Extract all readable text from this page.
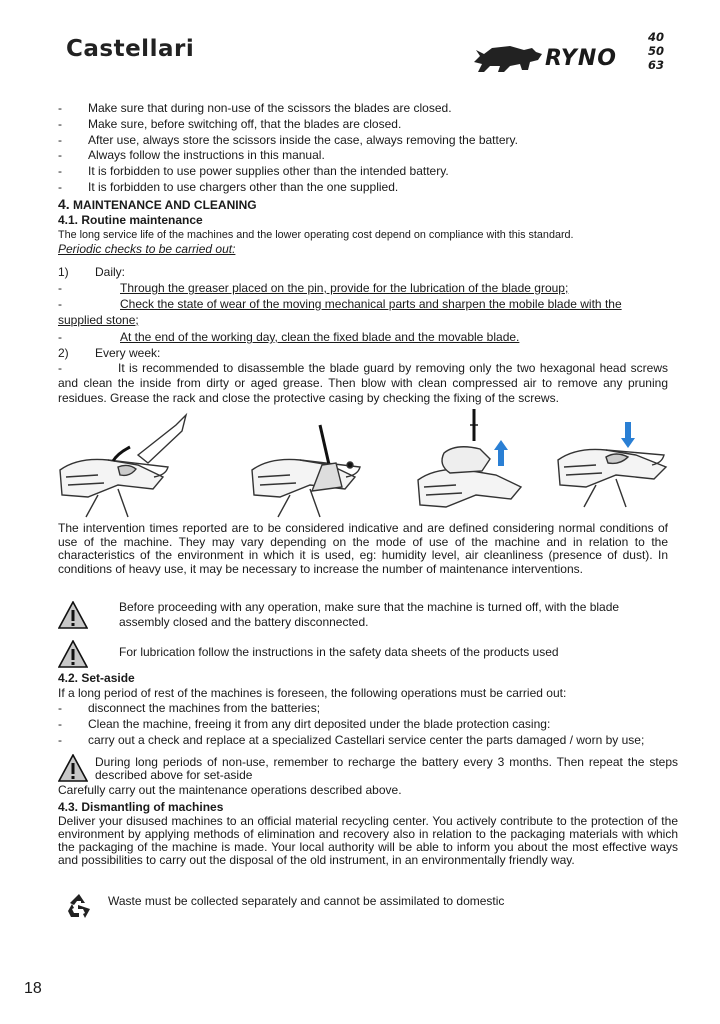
Castellari	RYNO
40
50
63
- Make sure that during non-use of the scissors the blades are closed.
- Make sure, before switching off, that the blades are closed.
- After use, always store the scissors inside the case, always removing the battery.
- Always follow the instructions in this manual.
- It is forbidden to use power supplies other than the intended battery.
- It is forbidden to use chargers other than the one supplied.
4. MAINTENANCE AND CLEANING
4.1. Routine maintenance
The long service life of the machines and the lower operating cost depend on compliance with this standard.
Periodic checks to be carried out:
1) Daily:
-	Through the greaser placed on the pin, provide for the lubrication of the blade group;
-	Check the state of wear of the moving mechanical parts and sharpen the mobile blade with the
supplied stone;
-	At the end of the working day, clean the fixed blade and the movable blade.
2) Every week:
-	It is recommended to disassemble the blade guard by removing only the two hexagonal head screws and clean the inside from dirty or aged grease. Then blow with clean compressed air to remove any pruning residues. Grease the rack and close the protective casing by checking the fixing of the screws.
The intervention times reported are to be considered indicative and are defined considering normal conditions of use of the machine. They may vary depending on the mode of use of the machine and in relation to the characteristics of the environment in which it is used, eg: humidity level, air cleanliness (presence of dust). In conditions of heavy use, it may be necessary to increase the number of maintenance interventions.
Before proceeding with any operation, make sure that the machine is turned off, with the blade assembly closed and the battery disconnected.
For lubrication follow the instructions in the safety data sheets of the products used
4.2. Set-aside
If a long period of rest of the machines is foreseen, the following operations must be carried out:
- disconnect the machines from the batteries;
- Clean the machine, freeing it from any dirt deposited under the blade protection casing:
- carry out a check and replace at a specialized Castellari service center the parts damaged / worn by use;
During long periods of non-use, remember to recharge the battery every 3 months. Then repeat the steps described above for set-aside
Carefully carry out the maintenance operations described above.
4.3. Dismantling of machines
Deliver your disused machines to an official material recycling center. You actively contribute to the protection of the environment by applying methods of elimination and recovery also in relation to the packaging materials with which the packaging of the machine is made. Your local authority will be able to inform you about the most effective ways and possibilities to carry out the disposal of the old instrument, in an environmentally friendly way.
Waste must be collected separately and cannot be assimilated to domestic
18
